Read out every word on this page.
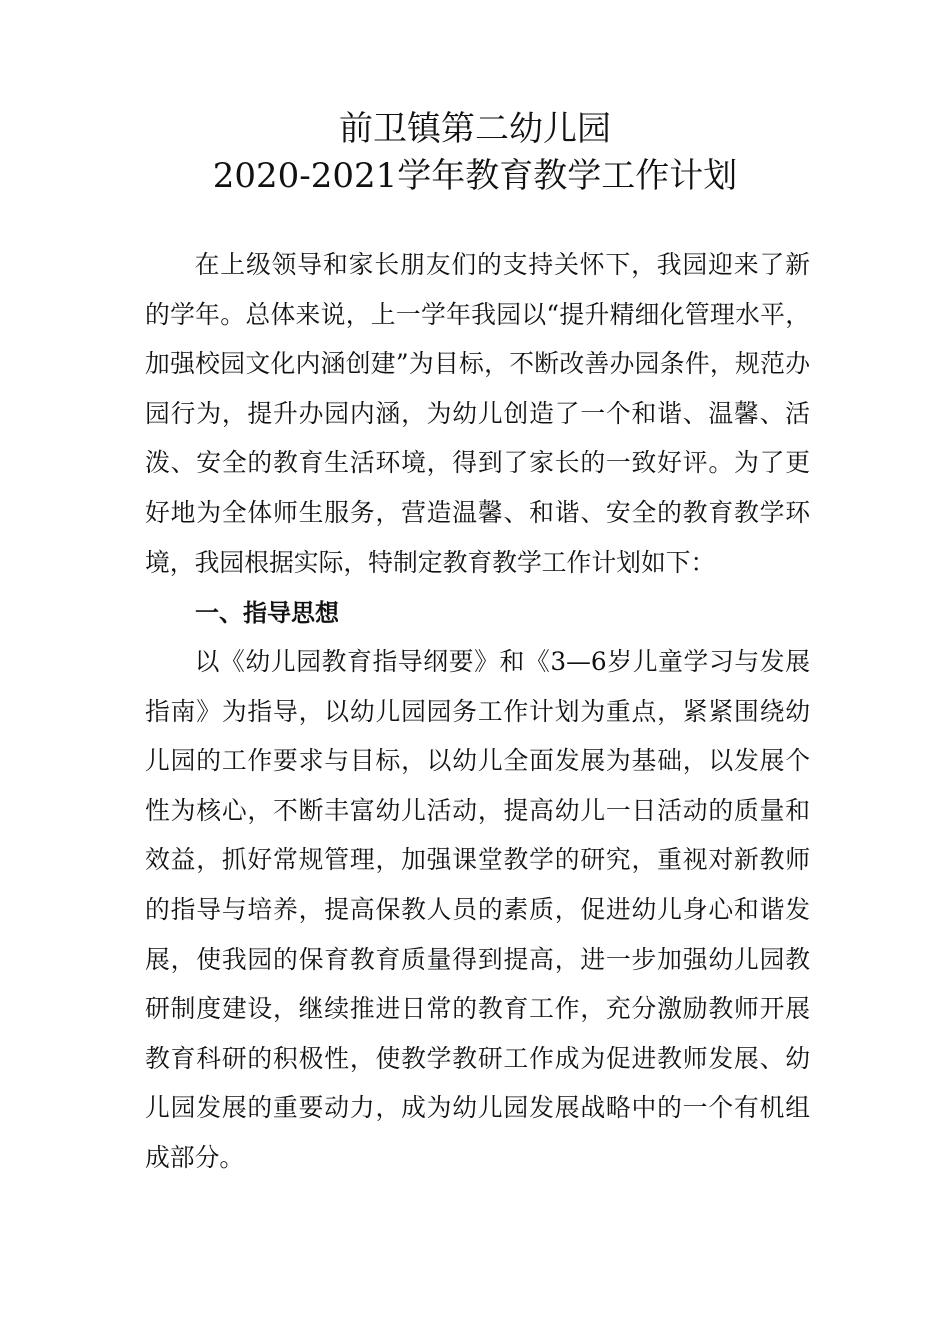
前卫镇第二幼儿园
2020-2021学年教育教学工作计划
在上级领导和家长朋友们的支持关怀下，我园迎来了新的学年。总体来说，上一学年我园以“提升精细化管理水平，加强校园文化内涵创建”为目标，不断改善办园条件，规范办园行为，提升办园内涵，为幼儿创造了一个和谐、温馨、活泼、安全的教育生活环境，得到了家长的一致好评。为了更好地为全体师生服务，营造温馨、和谐、安全的教育教学环境，我园根据实际，特制定教育教学工作计划如下：
一、指导思想
以《幼儿园教育指导纲要》和《3—6岁儿童学习与发展指南》为指导，以幼儿园园务工作计划为重点，紧紧围绕幼儿园的工作要求与目标，以幼儿全面发展为基础，以发展个性为核心，不断丰富幼儿活动，提高幼儿一日活动的质量和效益，抓好常规管理，加强课堂教学的研究，重视对新教师的指导与培养，提高保教人员的素质，促进幼儿身心和谐发展，使我园的保育教育质量得到提高，进一步加强幼儿园教研制度建设，继续推进日常的教育工作，充分激励教师开展教育科研的积极性，使教学教研工作成为促进教师发展、幼儿园发展的重要动力，成为幼儿园发展战略中的一个有机组成部分。
